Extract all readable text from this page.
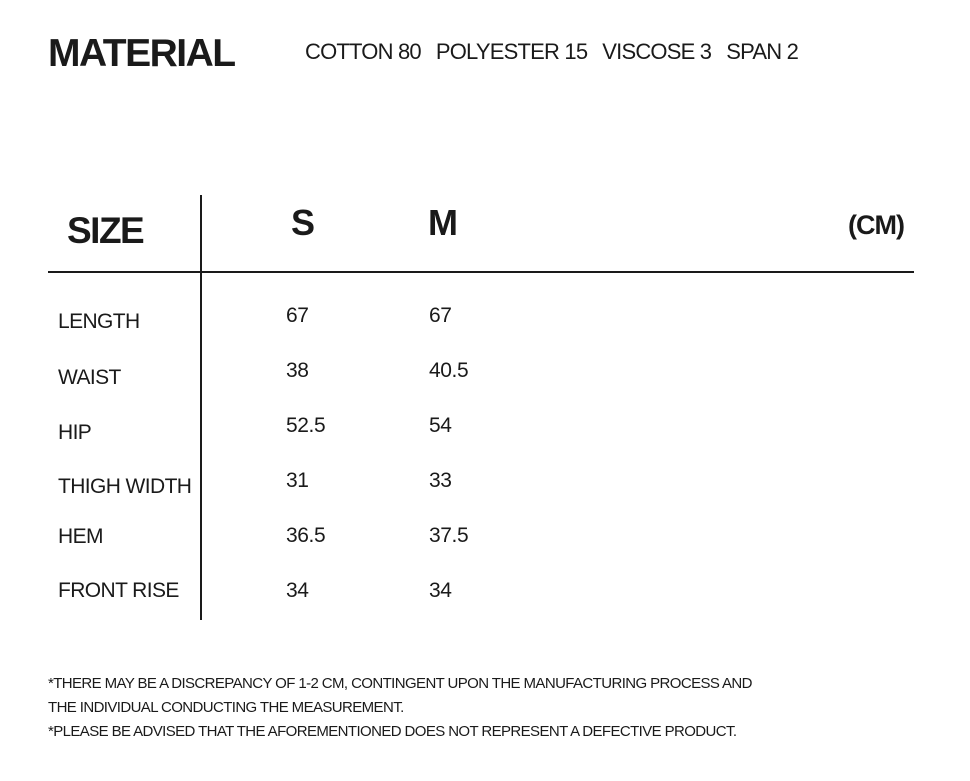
MATERIAL	COTTON 80 POLYESTER 15 VISCOSE 3 SPAN 2
SIZE	S	M	(CM)
LENGTH	67	67
WAIST	38	40.5
HIP	52.5	54
THIGH WIDTH	31	33
HEM	36.5	37.5
FRONT RISE	34	34
*THERE MAY BE A DISCREPANCY OF 1-2 CM, CONTINGENT UPON THE MANUFACTURING PROCESS AND
THE INDIVIDUAL CONDUCTING THE MEASUREMENT.
*PLEASE BE ADVISED THAT THE AFOREMENTIONED DOES NOT REPRESENT A DEFECTIVE PRODUCT.
